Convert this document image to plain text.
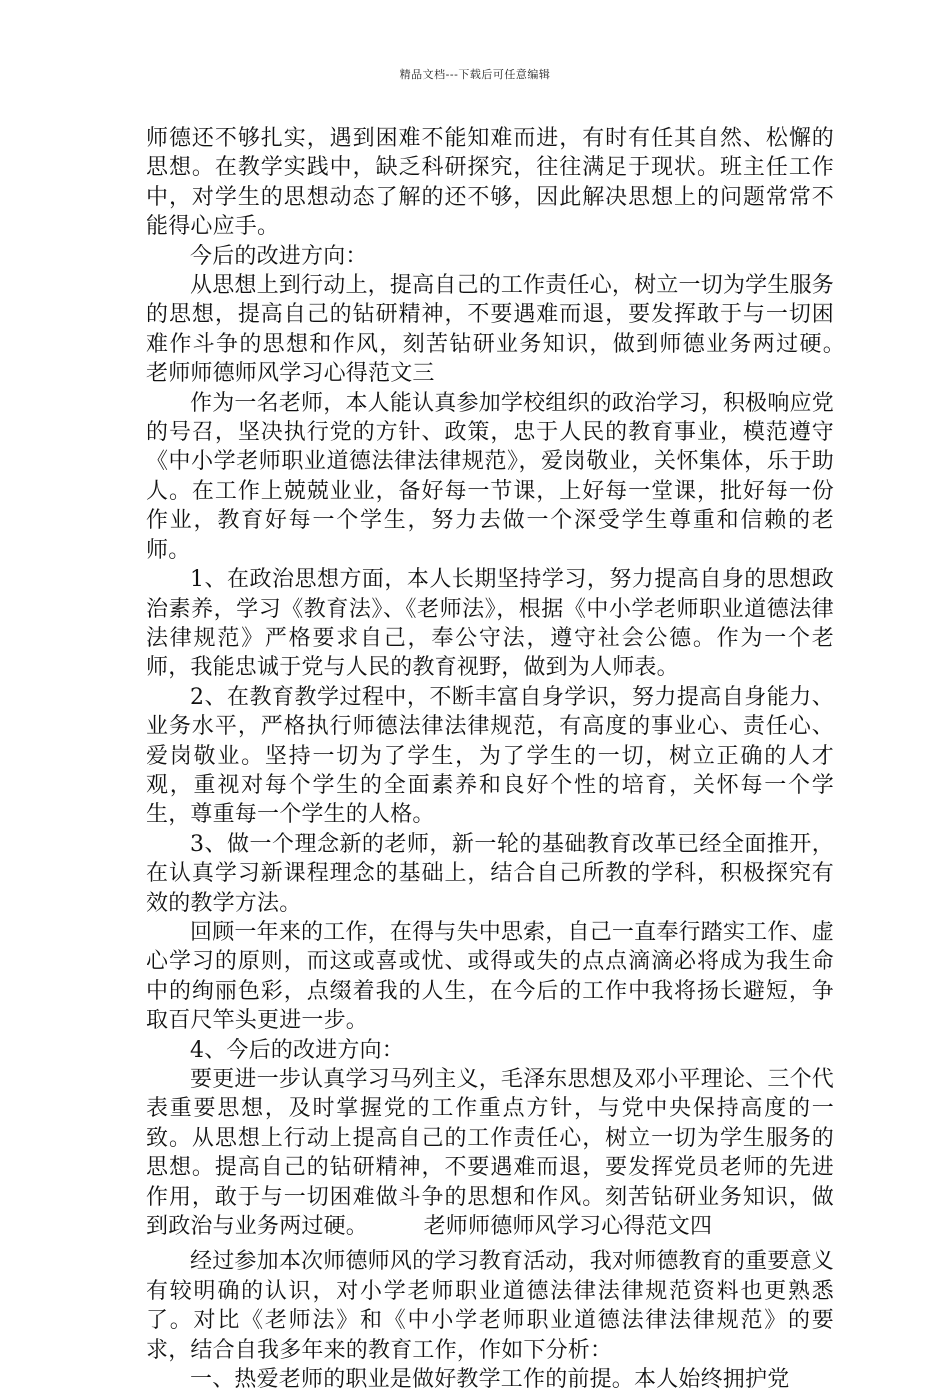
精品文档---下载后可任意编辑

师德还不够扎实，遇到困难不能知难而进，有时有任其自然、松懈的思想。在教学实践中，缺乏科研探究，往往满足于现状。班主任工作中，对学生的思想动态了解的还不够，因此解决思想上的问题常常不能得心应手。

今后的改进方向：

从思想上到行动上，提高自己的工作责任心，树立一切为学生服务的思想，提高自己的钻研精神，不要遇难而退，要发挥敢于与一切困难作斗争的思想和作风，刻苦钻研业务知识，做到师德业务两过硬。　　　老师师德师风学习心得范文三

作为一名老师，本人能认真参加学校组织的政治学习，积极响应党的号召，坚决执行党的方针、政策，忠于人民的教育事业，模范遵守《中小学老师职业道德法律法律规范》，爱岗敬业，关怀集体，乐于助人。在工作上兢兢业业，备好每一节课，上好每一堂课，批好每一份作业，教育好每一个学生，努力去做一个深受学生尊重和信赖的老师。

1、在政治思想方面，本人长期坚持学习，努力提高自身的思想政治素养，学习《教育法》、《老师法》，根据《中小学老师职业道德法律法律规范》严格要求自己，奉公守法，遵守社会公德。作为一个老师，我能忠诚于党与人民的教育视野，做到为人师表。

2、在教育教学过程中，不断丰富自身学识，努力提高自身能力、业务水平，严格执行师德法律法律规范，有高度的事业心、责任心、爱岗敬业。坚持一切为了学生，为了学生的一切，树立正确的人才观，重视对每个学生的全面素养和良好个性的培育，关怀每一个学生，尊重每一个学生的人格。

3、做一个理念新的老师，新一轮的基础教育改革已经全面推开，在认真学习新课程理念的基础上，结合自己所教的学科，积极探究有效的教学方法。

回顾一年来的工作，在得与失中思索，自己一直奉行踏实工作、虚心学习的原则，而这或喜或忧、或得或失的点点滴滴必将成为我生命中的绚丽色彩，点缀着我的人生，在今后的工作中我将扬长避短，争取百尺竿头更进一步。

4、今后的改进方向：

要更进一步认真学习马列主义，毛泽东思想及邓小平理论、三个代表重要思想，及时掌握党的工作重点方针，与党中央保持高度的一致。从思想上行动上提高自己的工作责任心，树立一切为学生服务的思想。提高自己的钻研精神，不要遇难而退，要发挥党员老师的先进作用，敢于与一切困难做斗争的思想和作风。刻苦钻研业务知识，做到政治与业务两过硬。　　　老师师德师风学习心得范文四

经过参加本次师德师风的学习教育活动，我对师德教育的重要意义有较明确的认识，对小学老师职业道德法律法律规范资料也更熟悉了。对比《老师法》和《中小学老师职业道德法律法律规范》的要求，结合自我多年来的教育工作，作如下分析：

一、热爱老师的职业是做好教学工作的前提。本人始终拥护党
